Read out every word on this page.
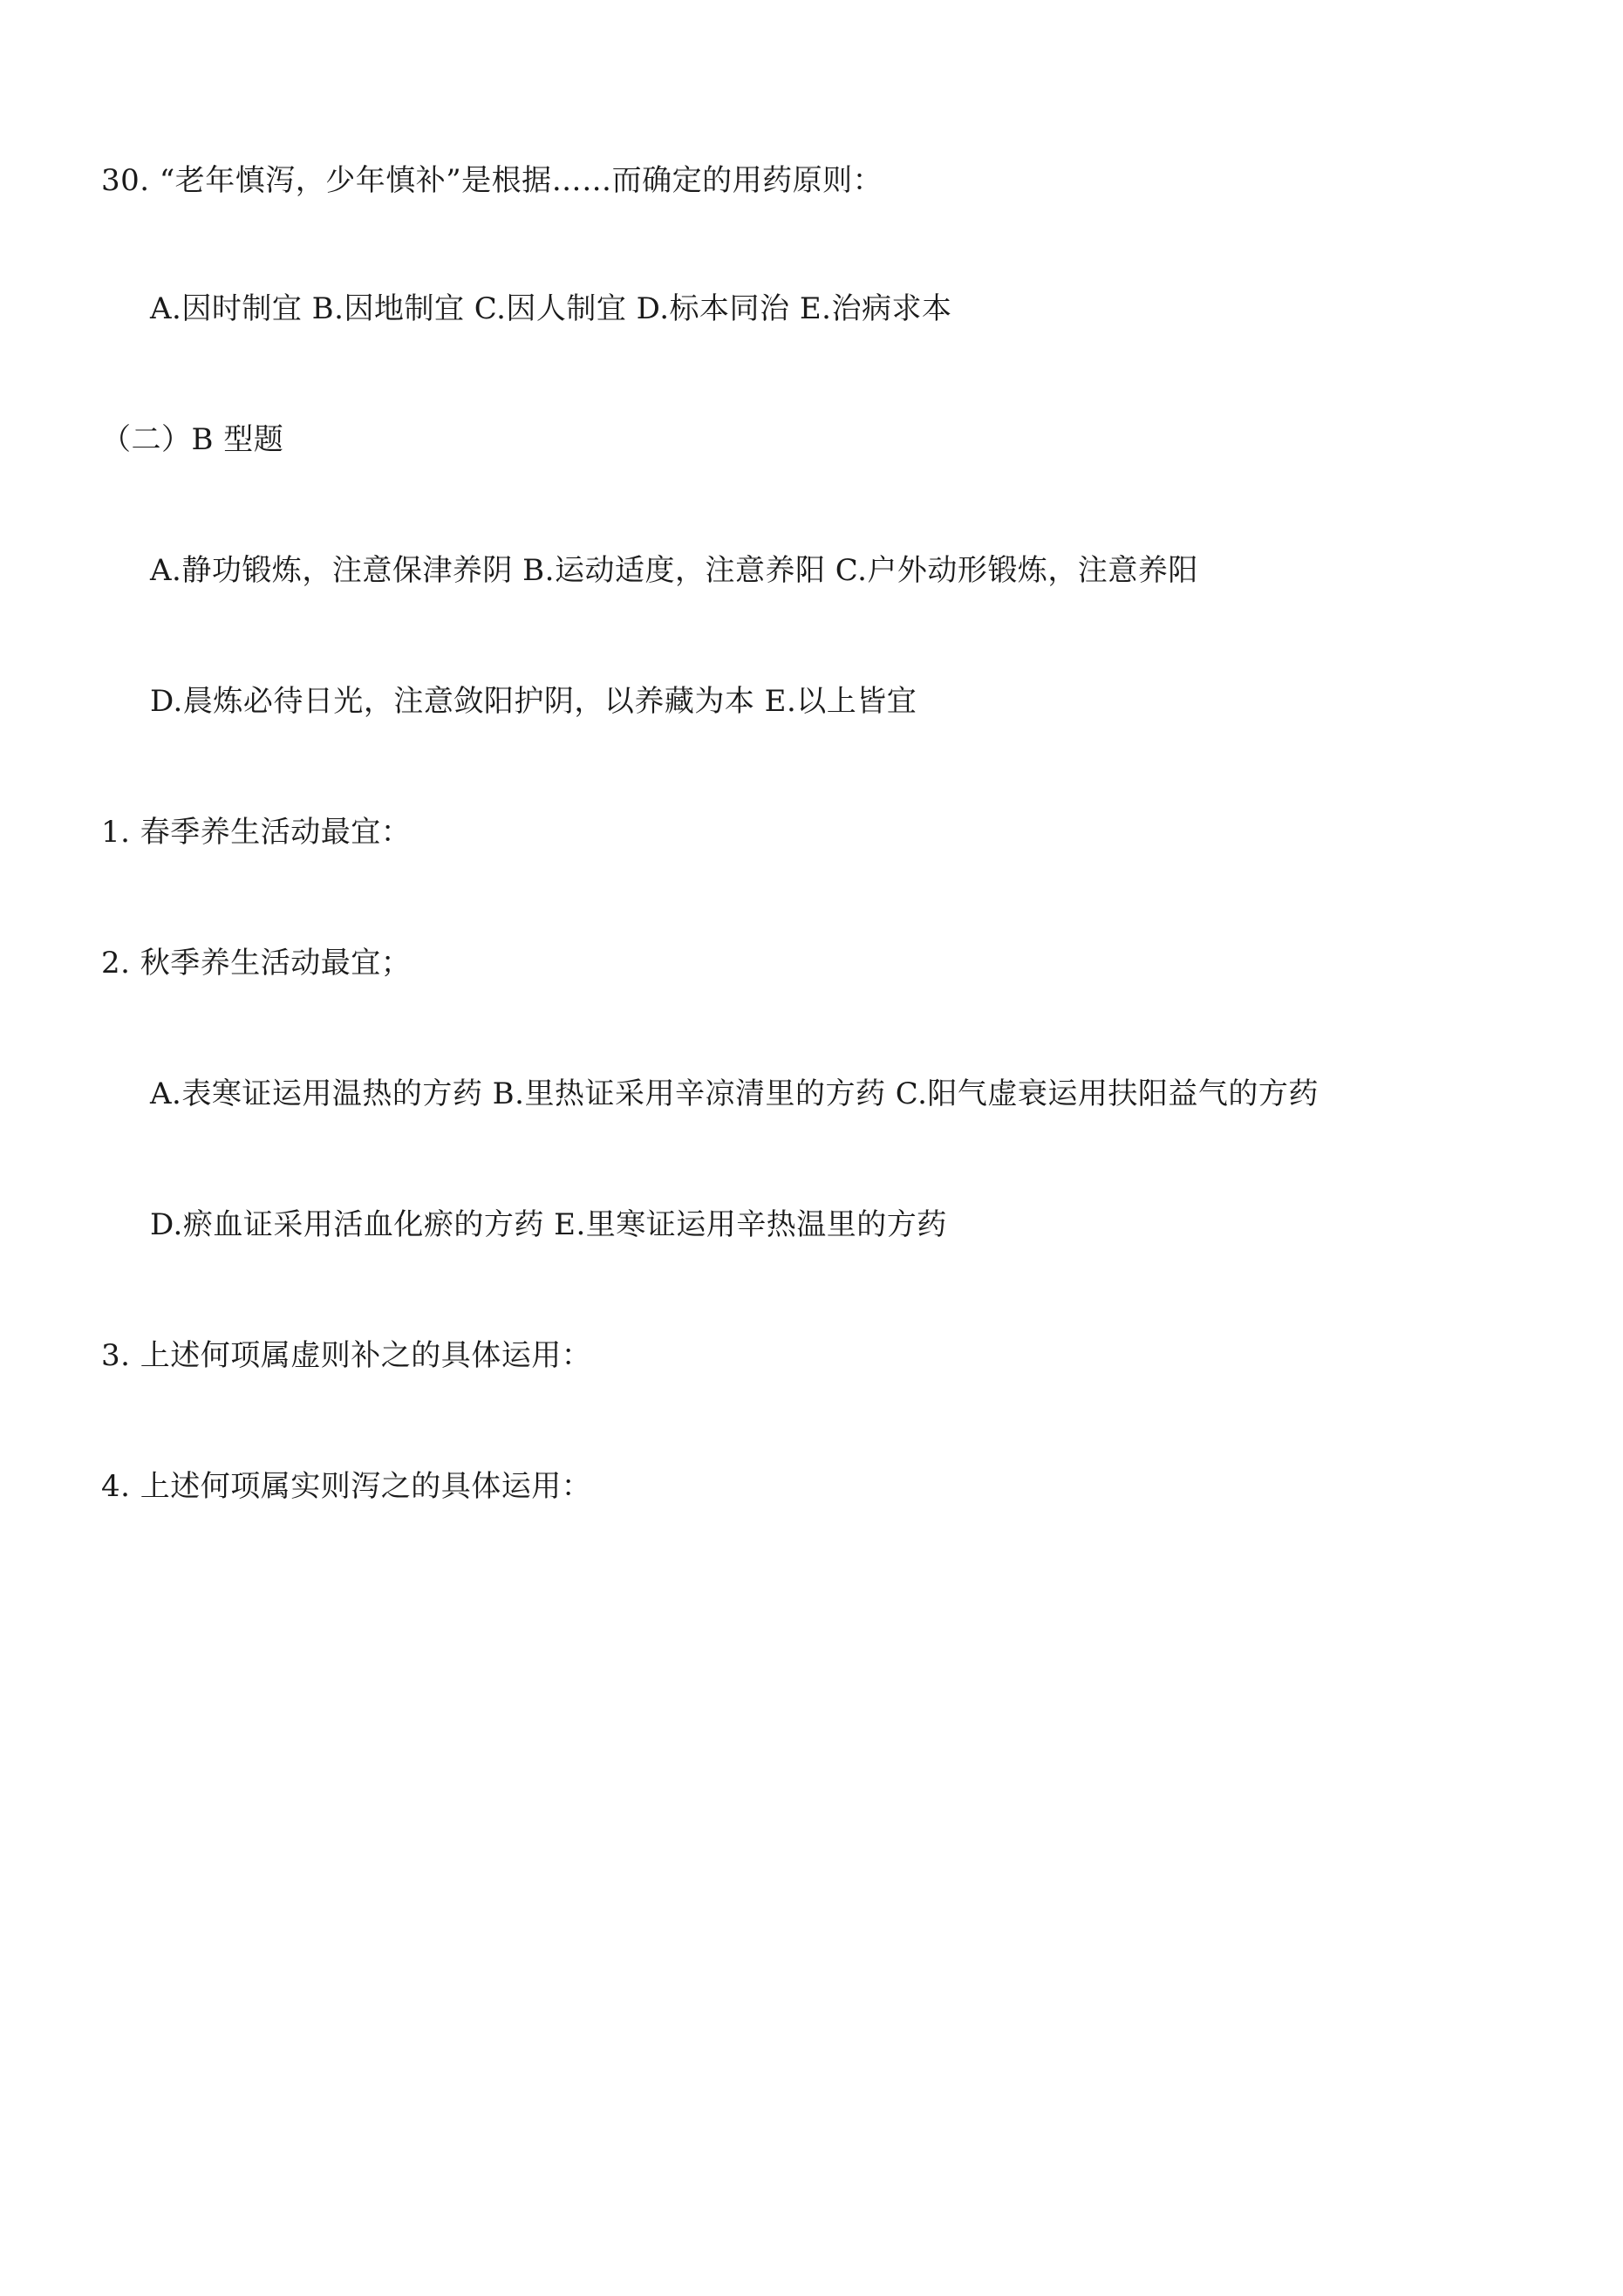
30. “老年慎泻，少年慎补”是根据……而确定的用药原则：
A.因时制宜 B.因地制宜 C.因人制宜 D.标本同治 E.治病求本
（二）B 型题
A.静功锻炼，注意保津养阴 B.运动适度，注意养阳 C.户外动形锻炼，注意养阳
D.晨炼必待日光，注意敛阳护阴，以养藏为本 E.以上皆宜
1. 春季养生活动最宜：
2. 秋季养生活动最宜；
A.表寒证运用温热的方药 B.里热证采用辛凉清里的方药 C.阳气虚衰运用扶阳益气的方药
D.瘀血证采用活血化瘀的方药 E.里寒证运用辛热温里的方药
3. 上述何项属虚则补之的具体运用：
4. 上述何项属实则泻之的具体运用：
